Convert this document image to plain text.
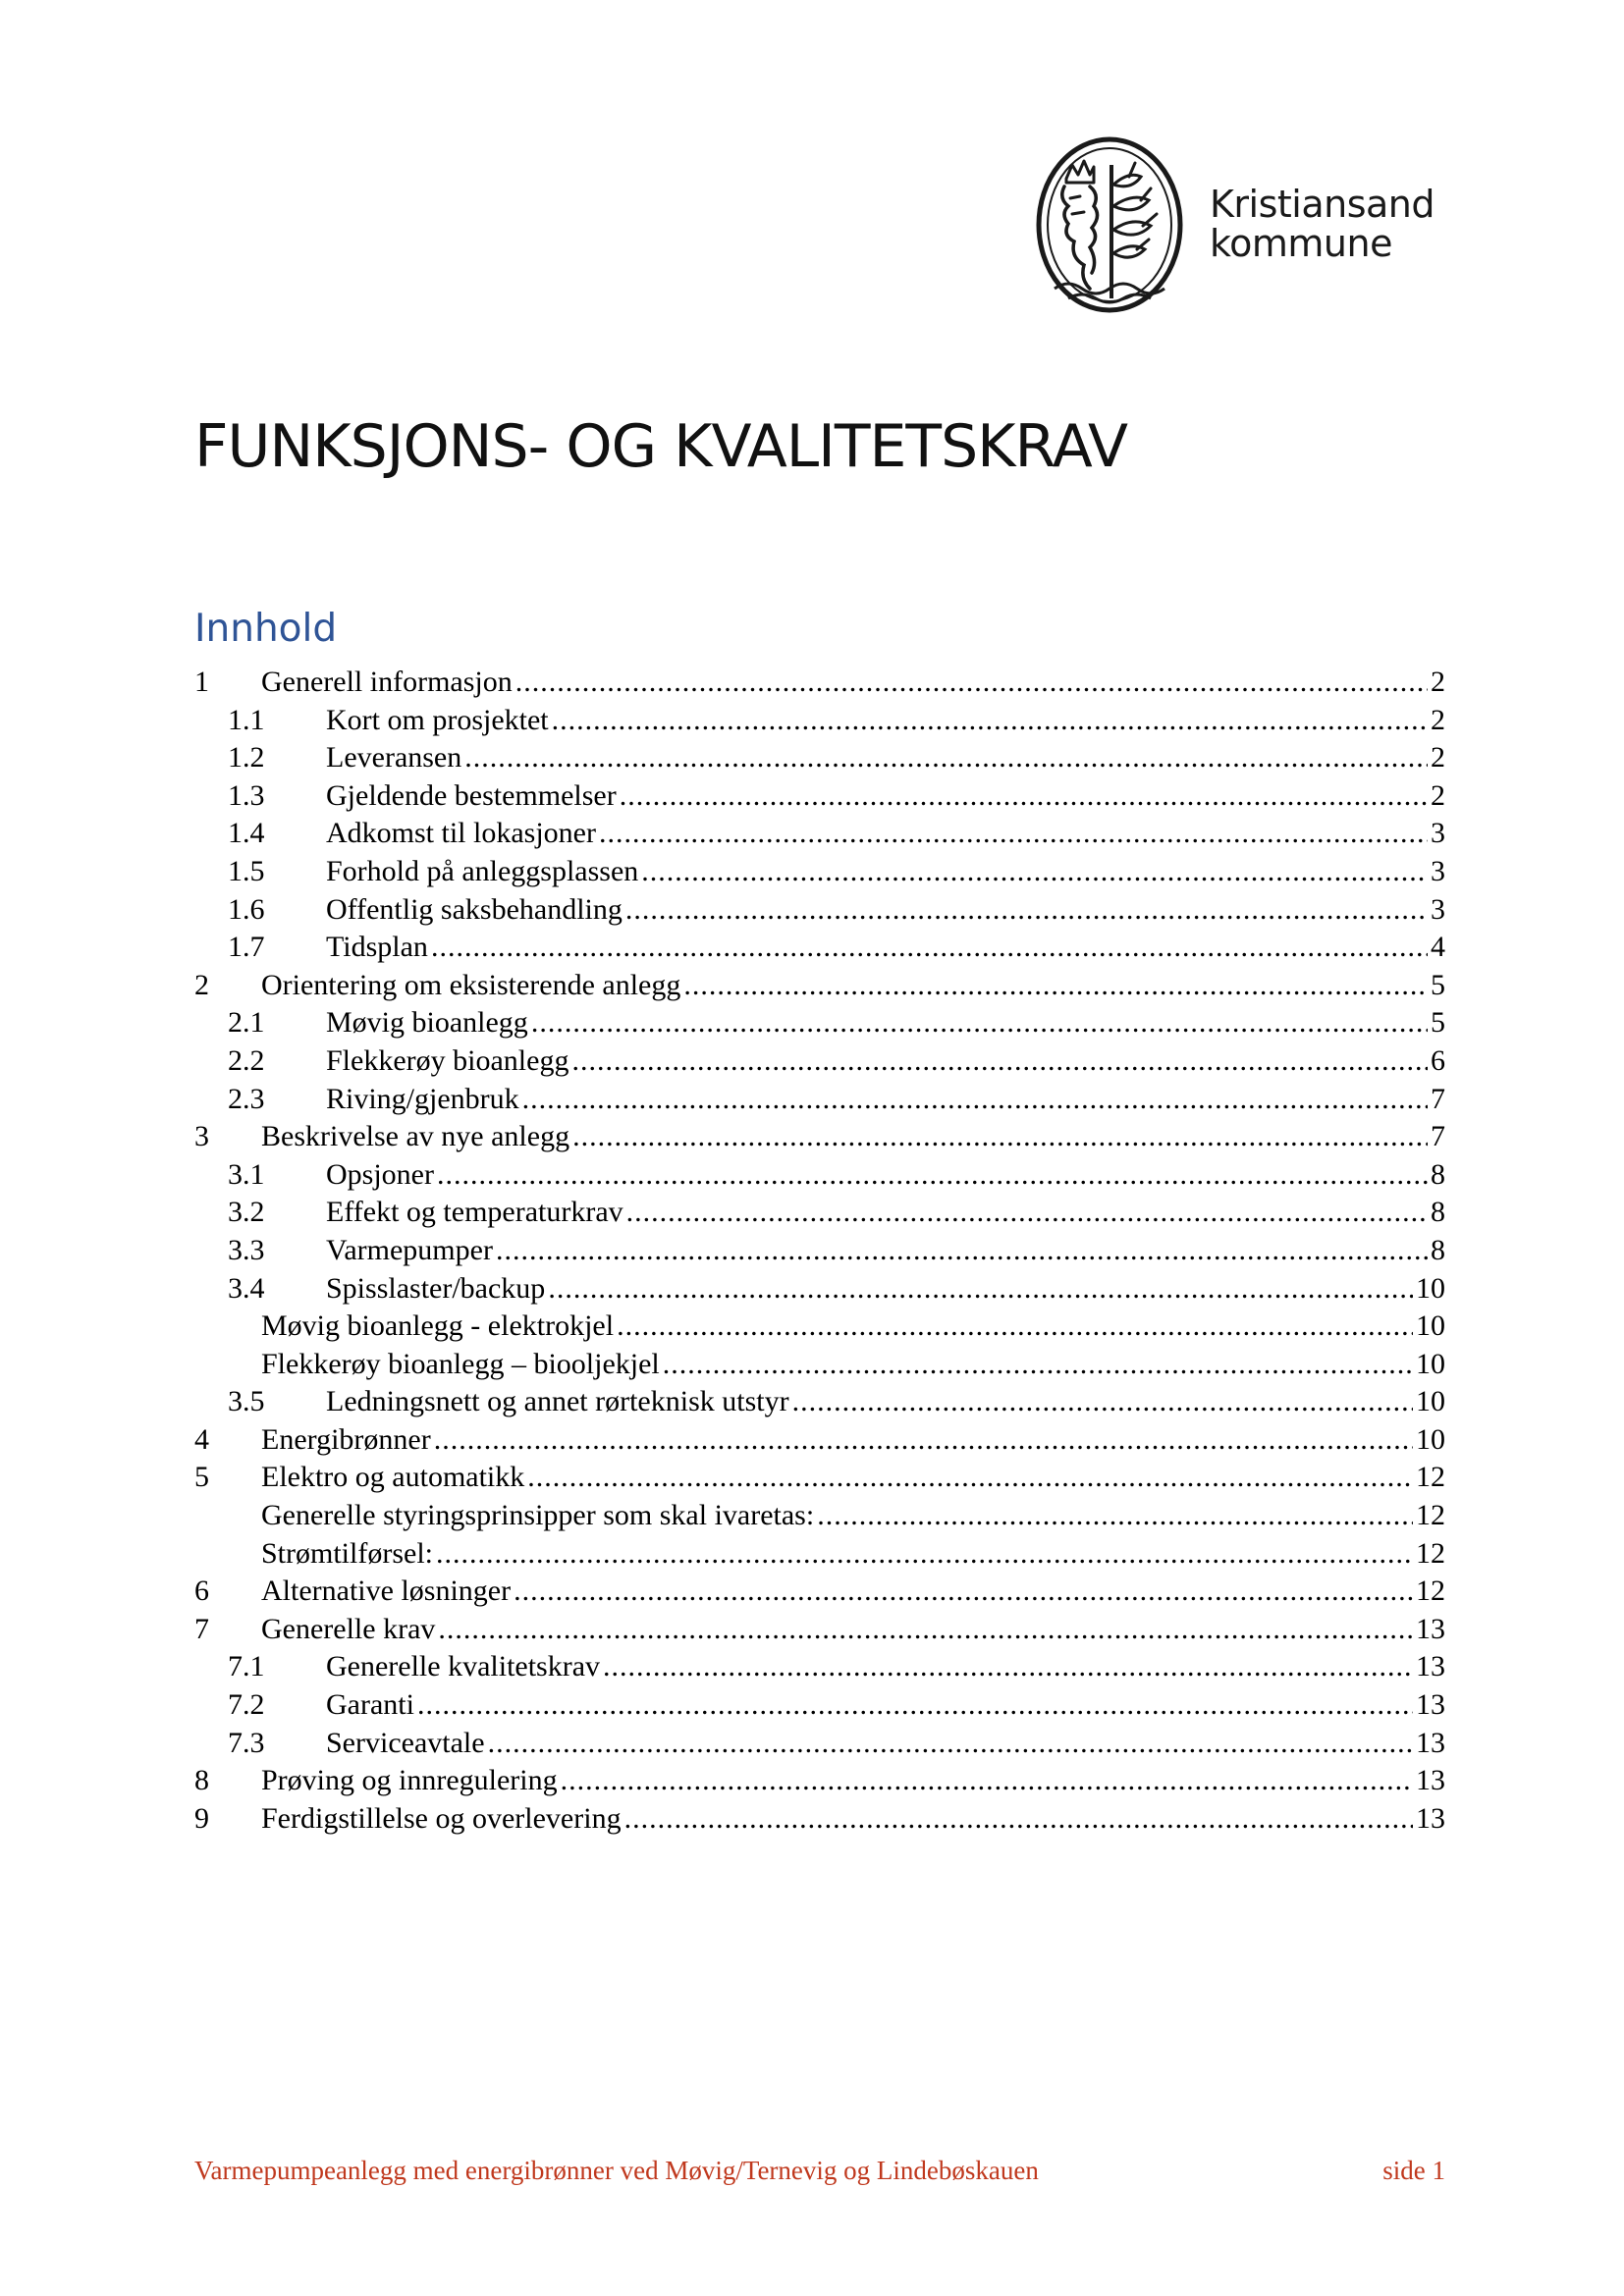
Kristiansand
kommune
FUNKSJONS- OG KVALITETSKRAV
Innhold
1	Generell informasjon .....	2
1.1	Kort om prosjektet .....	2
1.2	Leveransen .....	2
1.3	Gjeldende bestemmelser .....	2
1.4	Adkomst til lokasjoner .....	3
1.5	Forhold på anleggsplassen .....	3
1.6	Offentlig saksbehandling .....	3
1.7	Tidsplan .....	4
2	Orientering om eksisterende anlegg .....	5
2.1	Møvig bioanlegg .....	5
2.2	Flekkerøy bioanlegg .....	6
2.3	Riving/gjenbruk .....	7
3	Beskrivelse av nye anlegg .....	7
3.1	Opsjoner .....	8
3.2	Effekt og temperaturkrav .....	8
3.3	Varmepumper .....	8
3.4	Spisslaster/backup .....	10
Møvig bioanlegg - elektrokjel .....	10
Flekkerøy bioanlegg – biooljekjel .....	10
3.5	Ledningsnett og annet rørteknisk utstyr .....	10
4	Energibrønner .....	10
5	Elektro og automatikk .....	12
Generelle styringsprinsipper som skal ivaretas: .....	12
Strømtilførsel: .....	12
6	Alternative løsninger .....	12
7	Generelle krav .....	13
7.1	Generelle kvalitetskrav .....	13
7.2	Garanti .....	13
7.3	Serviceavtale .....	13
8	Prøving og innregulering .....	13
9	Ferdigstillelse og overlevering .....	13
Varmepumpeanlegg med energibrønner ved Møvig/Ternevig og Lindebøskauen	side 1
